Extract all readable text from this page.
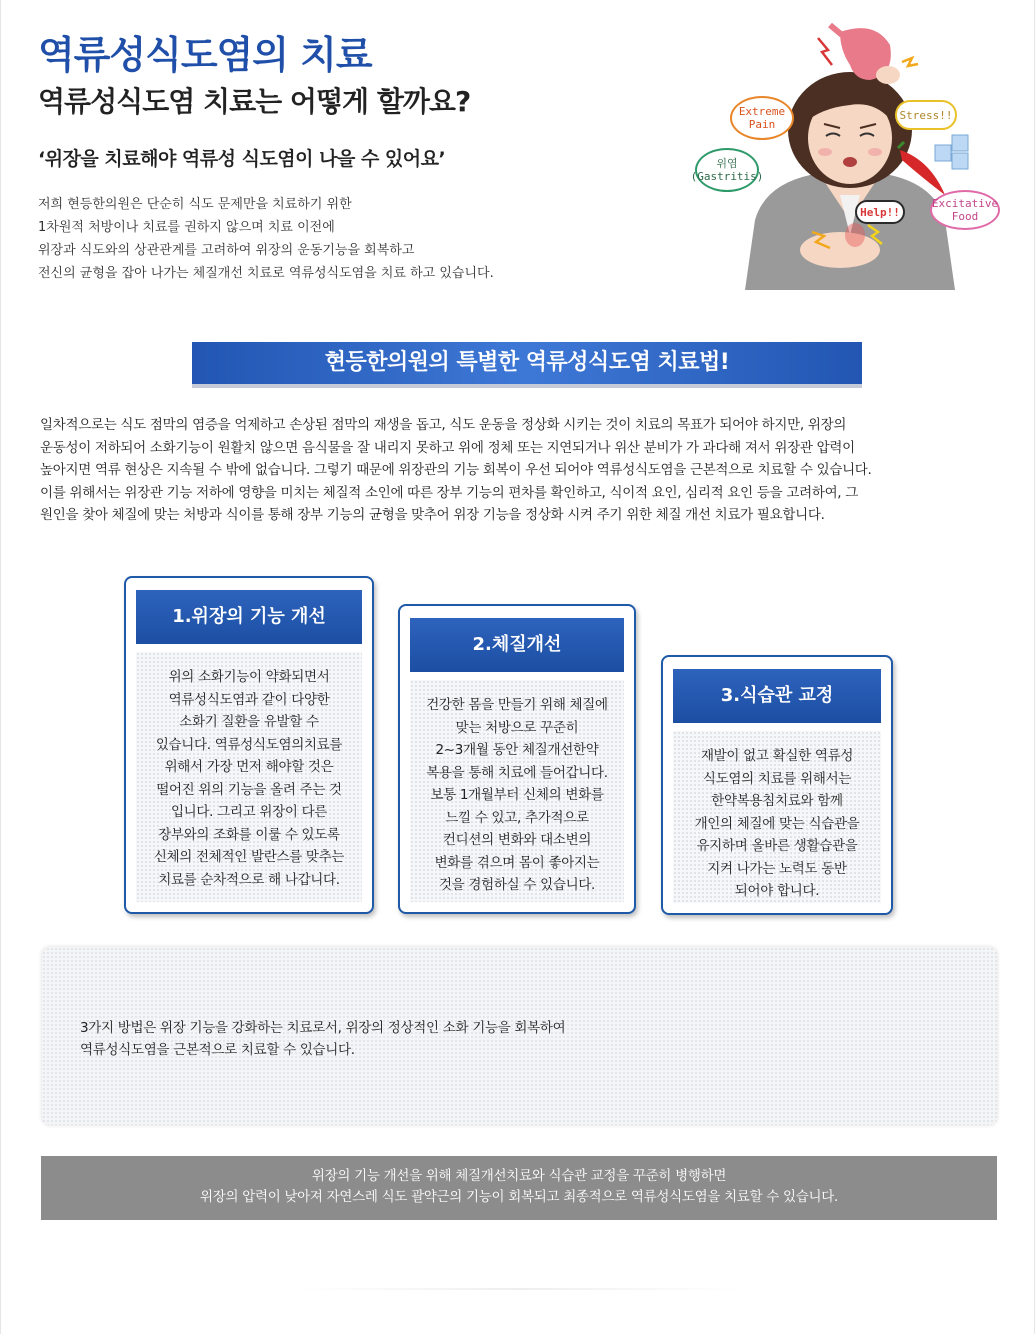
역류성식도염의 치료
역류성식도염 치료는 어떻게 할까요?
‘위장을 치료해야 역류성 식도염이 나을 수 있어요’

저희 현등한의원은 단순히 식도 문제만을 치료하기 위한

1차원적 처방이나 치료를 권하지 않으며 치료 이전에

위장과 식도와의 상관관계를 고려하여 위장의 운동기능을 회복하고

전신의 균형을 잡아 나가는 체질개선 치료로 역류성식도염을 치료 하고 있습니다.

Extreme
Pain
Stress!!
위염
(Gastritis)
Excitative
Food
Help!!
현등한의원의 특별한 역류성식도염 치료법!

일차적으로는 식도 점막의 염증을 억제하고 손상된 점막의 재생을 돕고, 식도 운동을 정상화 시키는 것이 치료의 목표가 되어야 하지만, 위장의

운동성이 저하되어 소화기능이 원활치 않으면 음식물을 잘 내리지 못하고 위에 정체 또는 지연되거나 위산 분비가 가 과다해 져서 위장관 압력이

높아지면 역류 현상은 지속될 수 밖에 없습니다. 그렇기 때문에 위장관의 기능 회복이 우선 되어야 역류성식도염을 근본적으로 치료할 수 있습니다.

이를 위해서는 위장관 기능 저하에 영향을 미치는 체질적 소인에 따른 장부 기능의 편차를 확인하고, 식이적 요인, 심리적 요인 등을 고려하여, 그

원인을 찾아 체질에 맞는 처방과 식이를 통해 장부 기능의 균형을 맞추어 위장 기능을 정상화 시켜 주기 위한 체질 개선 치료가 필요합니다.

1.위장의 기능 개선

위의 소화기능이 약화되면서

역류성식도염과 같이 다양한

소화기 질환을 유발할 수

있습니다. 역류성식도염의치료를

위해서 가장 먼저 해야할 것은

떨어진 위의 기능을 올려 주는 것

입니다. 그리고 위장이 다른

장부와의 조화를 이룰 수 있도록

신체의 전체적인 발란스를 맞추는

치료를 순차적으로 해 나갑니다.

2.체질개선

건강한 몸을 만들기 위해 체질에

맞는 처방으로 꾸준히

2~3개월 동안 체질개선한약

복용을 통해 치료에 들어갑니다.

보통 1개월부터 신체의 변화를

느낄 수 있고, 추가적으로

컨디션의 변화와 대소변의

변화를 겪으며 몸이 좋아지는

것을 경험하실 수 있습니다.

3.식습관 교정

재발이 없고 확실한 역류성

식도염의 치료를 위해서는

한약복용침치료와 함께

개인의 체질에 맞는 식습관을

유지하며 올바른 생활습관을

지켜 나가는 노력도 동반

되어야 합니다.

3가지 방법은 위장 기능을 강화하는 치료로서, 위장의 정상적인 소화 기능을 회복하여

역류성식도염을 근본적으로 치료할 수 있습니다.

위장의 기능 개선을 위해 체질개선치료와 식습관 교정을 꾸준히 병행하면

위장의 압력이 낮아져 자연스레 식도 괄약근의 기능이 회복되고 최종적으로 역류성식도염을 치료할 수 있습니다.
